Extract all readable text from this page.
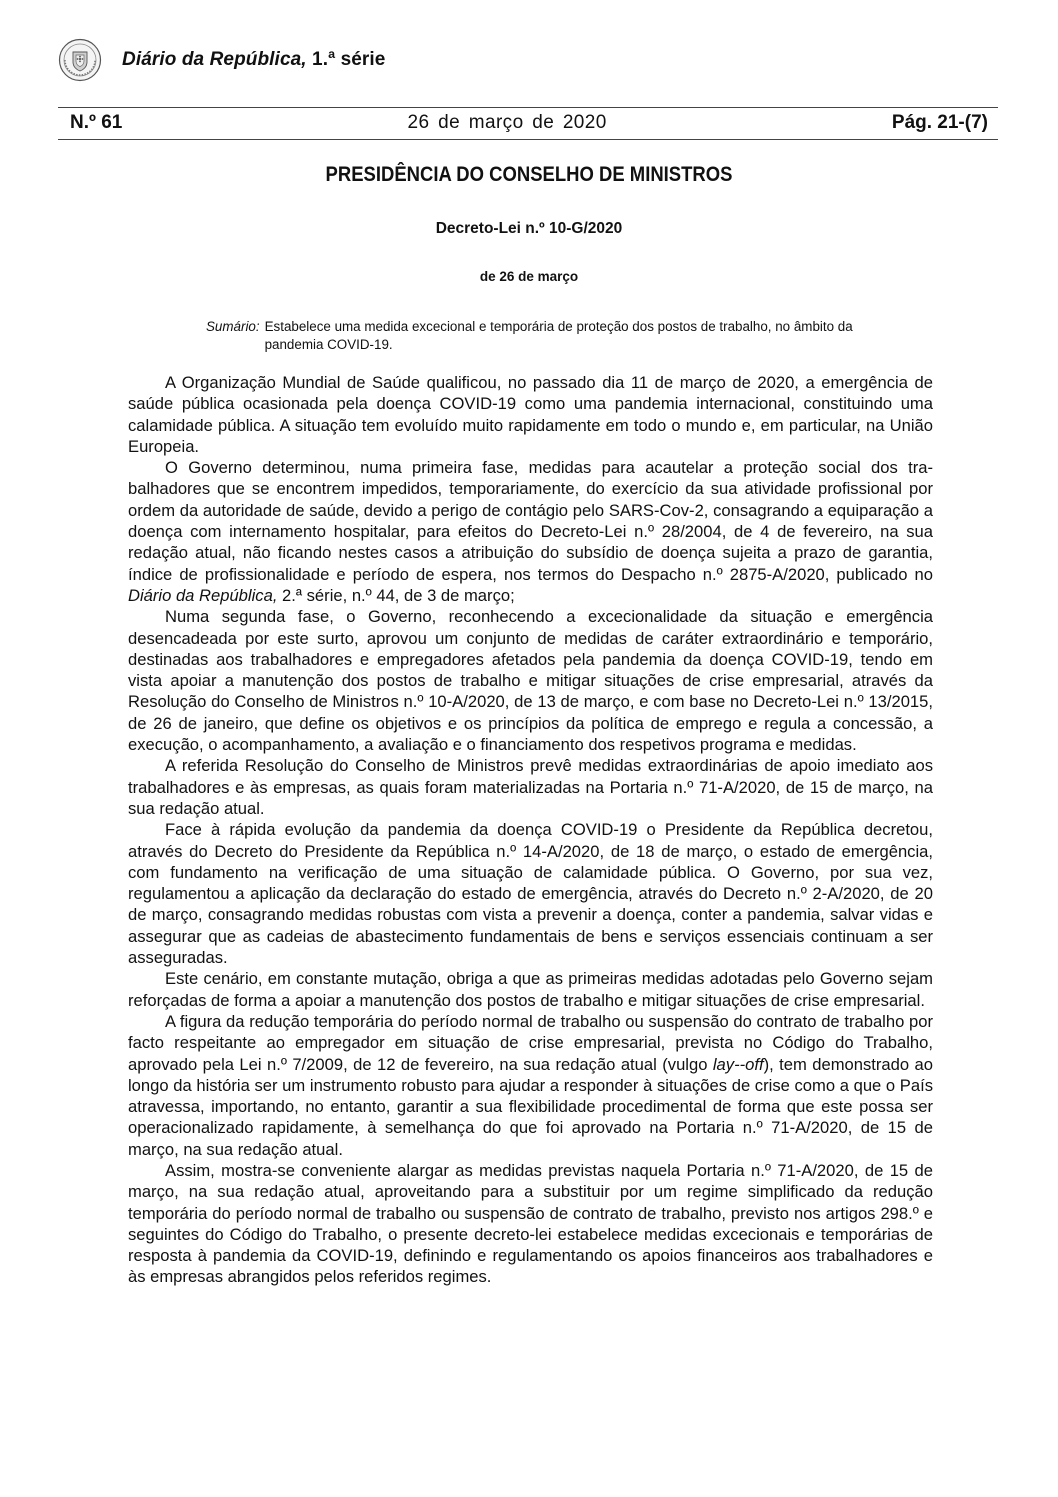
Diário da República, 1.ª série
N.º 61	26 de março de 2020	Pág. 21-(7)
PRESIDÊNCIA DO CONSELHO DE MINISTROS
Decreto-Lei n.º 10-G/2020
de 26 de março
Sumário: Estabelece uma medida excecional e temporária de proteção dos postos de trabalho, no âmbito da pandemia COVID-19.

A Organização Mundial de Saúde qualificou, no passado dia 11 de março de 2020, a emergência de saúde pública ocasionada pela doença COVID-19 como uma pandemia internacional, constituindo uma calamidade pública. A situação tem evoluído muito rapidamente em todo o mundo e, em particular, na União Europeia.

O Governo determinou, numa primeira fase, medidas para acautelar a proteção social dos trabalhadores que se encontrem impedidos, temporariamente, do exercício da sua atividade profissional por ordem da autoridade de saúde, devido a perigo de contágio pelo SARS-Cov-2, consagrando a equiparação a doença com internamento hospitalar, para efeitos do Decreto-Lei n.º 28/2004, de 4 de fevereiro, na sua redação atual, não ficando nestes casos a atribuição do subsídio de doença sujeita a prazo de garantia, índice de profissionalidade e período de espera, nos termos do Despacho n.º 2875-A/2020, publicado no Diário da República, 2.ª série, n.º 44, de 3 de março;

Numa segunda fase, o Governo, reconhecendo a excecionalidade da situação e emergência desencadeada por este surto, aprovou um conjunto de medidas de caráter extraordinário e temporário, destinadas aos trabalhadores e empregadores afetados pela pandemia da doença COVID-19, tendo em vista apoiar a manutenção dos postos de trabalho e mitigar situações de crise empresarial, através da Resolução do Conselho de Ministros n.º 10-A/2020, de 13 de março, e com base no Decreto-Lei n.º 13/2015, de 26 de janeiro, que define os objetivos e os princípios da política de emprego e regula a concessão, a execução, o acompanhamento, a avaliação e o financiamento dos respetivos programa e medidas.

A referida Resolução do Conselho de Ministros prevê medidas extraordinárias de apoio imediato aos trabalhadores e às empresas, as quais foram materializadas na Portaria n.º 71-A/2020, de 15 de março, na sua redação atual.

Face à rápida evolução da pandemia da doença COVID-19 o Presidente da República decretou, através do Decreto do Presidente da República n.º 14-A/2020, de 18 de março, o estado de emergência, com fundamento na verificação de uma situação de calamidade pública. O Governo, por sua vez, regulamentou a aplicação da declaração do estado de emergência, através do Decreto n.º 2-A/2020, de 20 de março, consagrando medidas robustas com vista a prevenir a doença, conter a pandemia, salvar vidas e assegurar que as cadeias de abastecimento fundamentais de bens e serviços essenciais continuam a ser asseguradas.

Este cenário, em constante mutação, obriga a que as primeiras medidas adotadas pelo Governo sejam reforçadas de forma a apoiar a manutenção dos postos de trabalho e mitigar situações de crise empresarial.

A figura da redução temporária do período normal de trabalho ou suspensão do contrato de trabalho por facto respeitante ao empregador em situação de crise empresarial, prevista no Código do Trabalho, aprovado pela Lei n.º 7/2009, de 12 de fevereiro, na sua redação atual (vulgo lay‑-off), tem demonstrado ao longo da história ser um instrumento robusto para ajudar a responder à situações de crise como a que o País atravessa, importando, no entanto, garantir a sua flexibilidade procedimental de forma que este possa ser operacionalizado rapidamente, à semelhança do que foi aprovado na Portaria n.º 71-A/2020, de 15 de março, na sua redação atual.

Assim, mostra-se conveniente alargar as medidas previstas naquela Portaria n.º 71-A/2020, de 15 de março, na sua redação atual, aproveitando para a substituir por um regime simplificado da redução temporária do período normal de trabalho ou suspensão de contrato de trabalho, previsto nos artigos 298.º e seguintes do Código do Trabalho, o presente decreto-lei estabelece medidas excecionais e temporárias de resposta à pandemia da COVID-19, definindo e regulamentando os apoios financeiros aos trabalhadores e às empresas abrangidos pelos referidos regimes.
